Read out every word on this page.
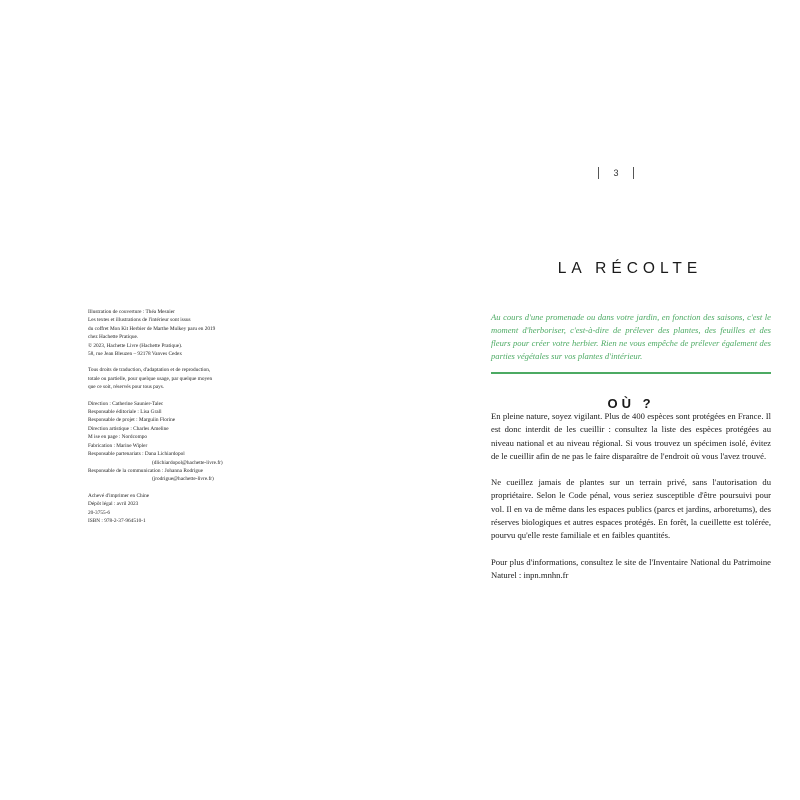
Illustration de couverture : Théa Mesnier
Les textes et illustrations de l'intérieur sont issus
du coffret Mon Kit Herbier de Marthe Mulkey paru en 2019
chez Hachette Pratique.
© 2023, Hachette Livre (Hachette Pratique).
58, rue Jean Bleuzen – 92178 Vanves Cedex
Tous droits de traduction, d'adaptation et de reproduction,
totale ou partielle, pour quelque usage, par quelque moyen
que ce soit, réservés pour tous pays.
Direction : Catherine Saunier-Talec
Responsable éditoriale : Lisa Grall
Responsable de projet : Marguiin Florine
Direction artistique : Charles Ameline
M ise en page : Nordcompo
Fabrication : Marine Wipler
Responsable partenariats : Dana Lichiardopol
(dlichiardopol@hachette-livre.fr)
Responsable de la communication : Johanna Rodrigue
(jrodrigue@hachette-livre.fr)
Achevé d'imprimer en Chine
Dépôt légal : avril 2023
20-3755-6
ISBN : 978-2-37-964510-1
3
LA RÉCOLTE

Au cours d'une promenade ou dans votre jardin, en fonction des saisons, c'est le moment d'herboriser, c'est-à-dire de prélever des plantes, des feuilles et des fleurs pour créer votre herbier. Rien ne vous empêche de prélever également des parties végétales sur vos plantes d'intérieur.

OÙ ?

En pleine nature, soyez vigilant. Plus de 400 espèces sont protégées en France. Il est donc interdit de les cueillir : consultez la liste des espèces protégées au niveau national et au niveau régional. Si vous trouvez un spécimen isolé, évitez de le cueillir afin de ne pas le faire disparaître de l'endroit où vous l'avez trouvé.

Ne cueillez jamais de plantes sur un terrain privé, sans l'autorisation du propriétaire. Selon le Code pénal, vous seriez susceptible d'être poursuivi pour vol. Il en va de même dans les espaces publics (parcs et jardins, arboretums), des réserves biologiques et autres espaces protégés. En forêt, la cueillette est tolérée, pourvu qu'elle reste familiale et en faibles quantités.

Pour plus d'informations, consultez le site de l'Inventaire National du Patrimoine Naturel : inpn.mnhn.fr
